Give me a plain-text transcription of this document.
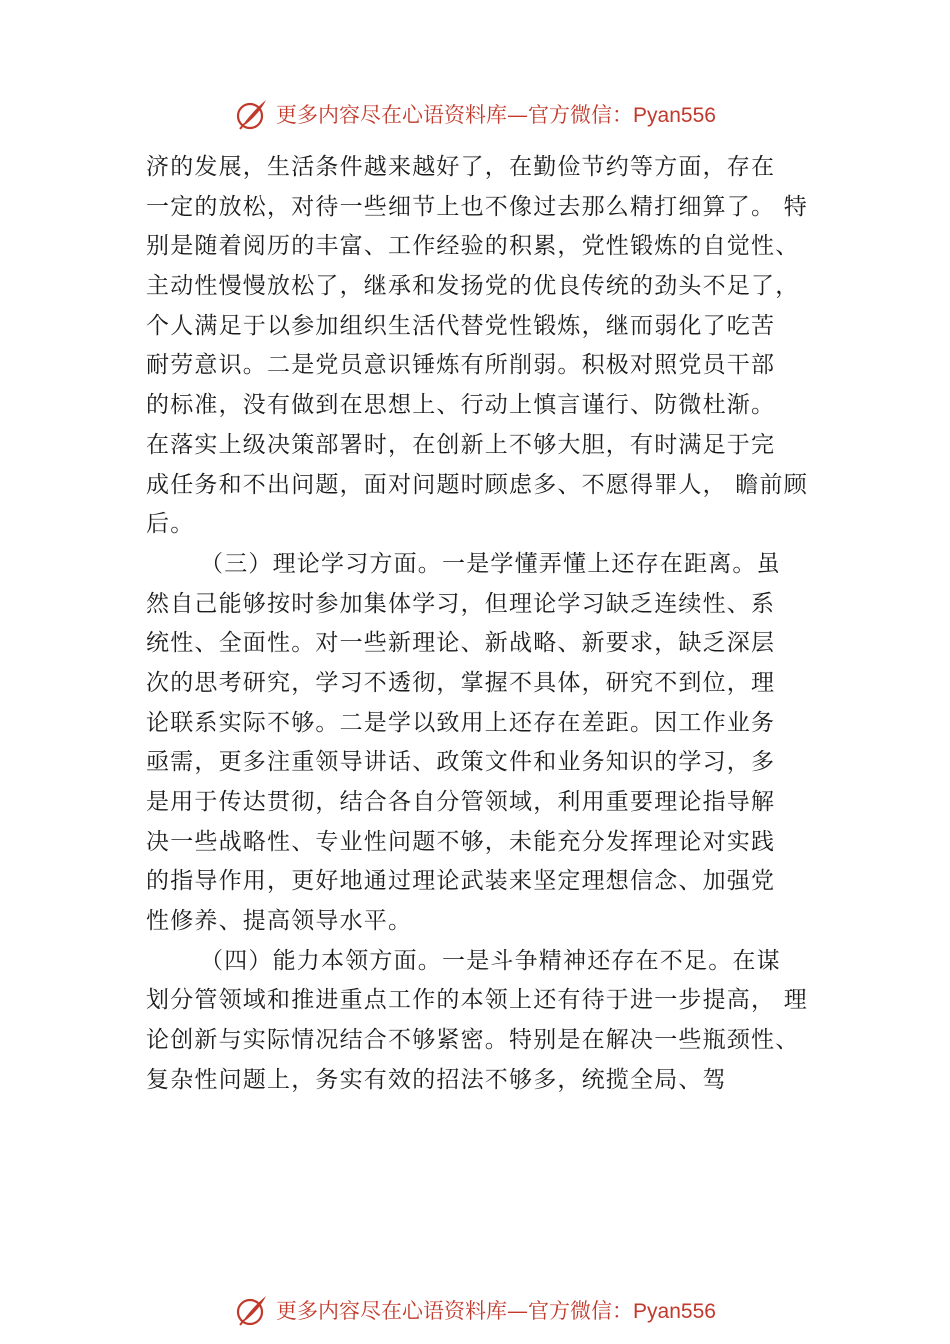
更多内容尽在心语资料库—官方微信：Pyan556
济的发展，生活条件越来越好了，在勤俭节约等方面，存在
一定的放松，对待一些细节上也不像过去那么精打细算了。 特
别是随着阅历的丰富、工作经验的积累，党性锻炼的自觉性、
主动性慢慢放松了，继承和发扬党的优良传统的劲头不足了，
个人满足于以参加组织生活代替党性锻炼，继而弱化了吃苦
耐劳意识。二是党员意识锤炼有所削弱。积极对照党员干部
的标准，没有做到在思想上、行动上慎言谨行、防微杜渐。
在落实上级决策部署时，在创新上不够大胆，有时满足于完
成任务和不出问题，面对问题时顾虑多、不愿得罪人， 瞻前顾
后。
（三）理论学习方面。一是学懂弄懂上还存在距离。虽
然自己能够按时参加集体学习，但理论学习缺乏连续性、系
统性、全面性。对一些新理论、新战略、新要求，缺乏深层
次的思考研究，学习不透彻，掌握不具体，研究不到位，理
论联系实际不够。二是学以致用上还存在差距。因工作业务
亟需，更多注重领导讲话、政策文件和业务知识的学习，多
是用于传达贯彻，结合各自分管领域，利用重要理论指导解
决一些战略性、专业性问题不够，未能充分发挥理论对实践
的指导作用，更好地通过理论武装来坚定理想信念、加强党
性修养、提高领导水平。
（四）能力本领方面。一是斗争精神还存在不足。在谋
划分管领域和推进重点工作的本领上还有待于进一步提高， 理
论创新与实际情况结合不够紧密。特别是在解决一些瓶颈性、
复杂性问题上，务实有效的招法不够多，统揽全局、驾
更多内容尽在心语资料库—官方微信：Pyan556
